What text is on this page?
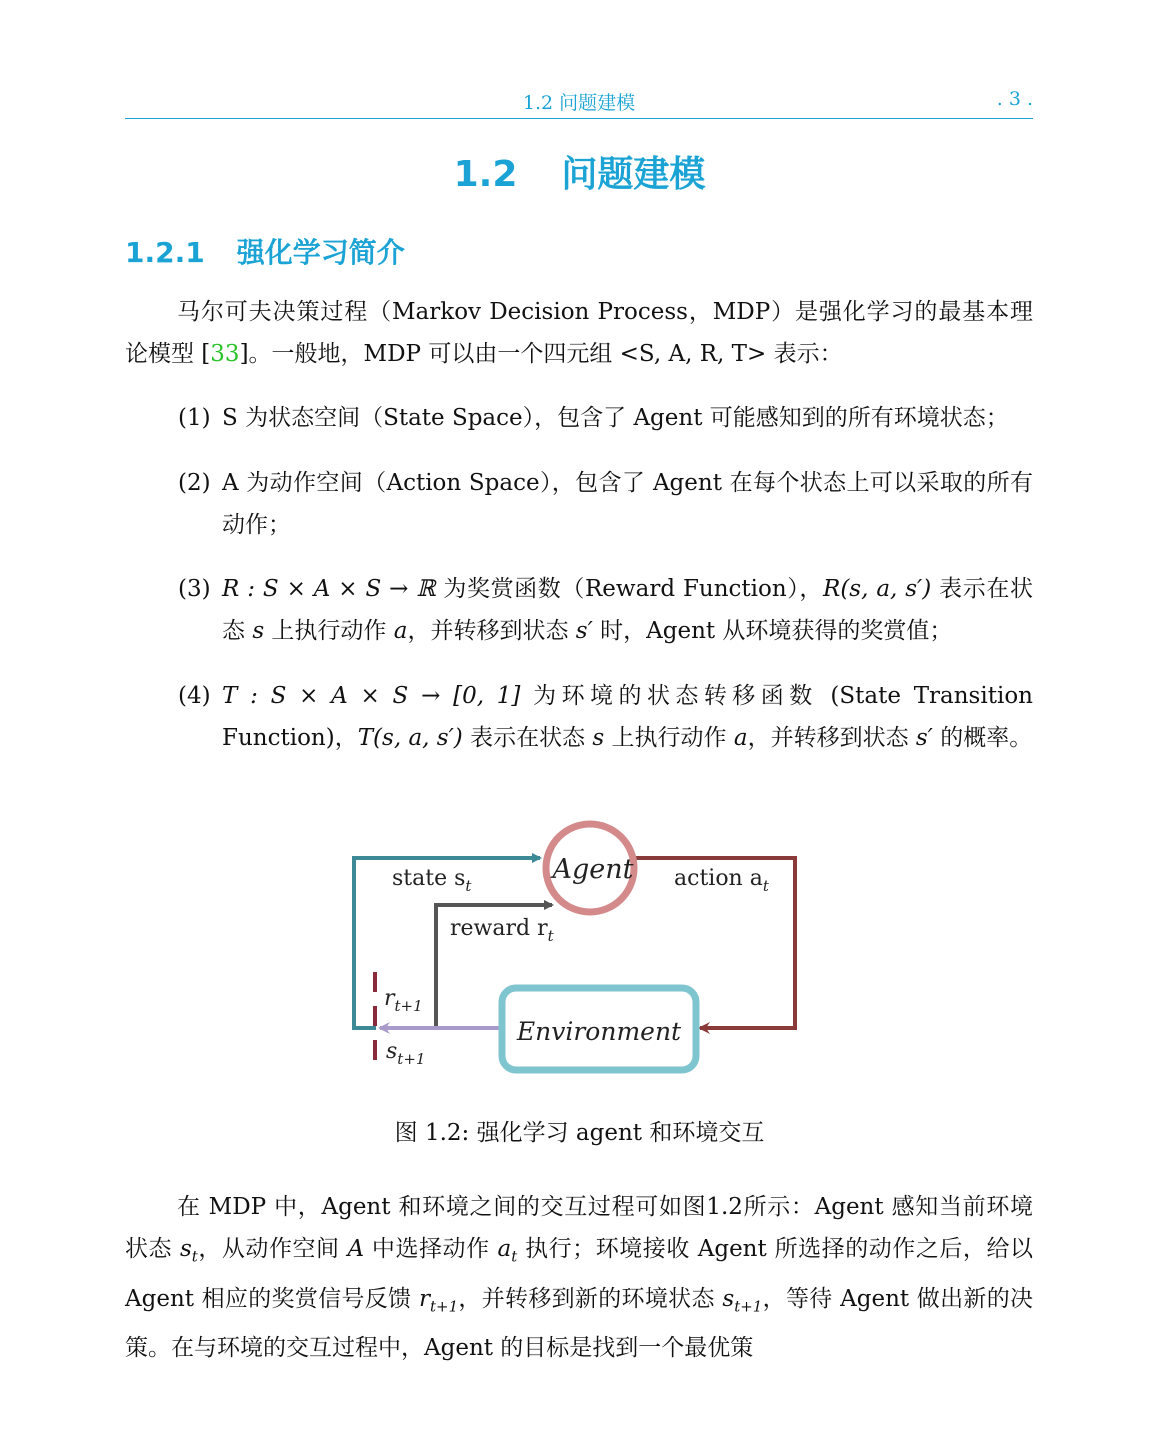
1.2 问题建模	. 3 .
1.2 问题建模
1.2.1 强化学习简介
马尔可夫决策过程（Markov Decision Process，MDP）是强化学习的最基本理论模型 [33]。一般地，MDP 可以由一个四元组 <S, A, R, T> 表示：
(1) S 为状态空间（State Space），包含了 Agent 可能感知到的所有环境状态；
(2) A 为动作空间（Action Space），包含了 Agent 在每个状态上可以采取的所有动作；
(3) R : S × A × S → ℝ 为奖赏函数（Reward Function），R(s, a, s′) 表示在状态 s 上执行动作 a，并转移到状态 s′ 时，Agent 从环境获得的奖赏值；
(4) T : S × A × S → [0, 1] 为环境的状态转移函数 (State Transition Function)，T(s, a, s′) 表示在状态 s 上执行动作 a，并转移到状态 s′ 的概率。
Agent
Environment
state $s_t$	action $a_t$
reward $r_t$
$r_{t+1}$
$s_{t+1}$
图 1.2: 强化学习 agent 和环境交互
在 MDP 中，Agent 和环境之间的交互过程可如图1.2所示：Agent 感知当前环境状态 $s_t$，从动作空间 A 中选择动作 $a_t$ 执行；环境接收 Agent 所选择的动作之后，给以 Agent 相应的奖赏信号反馈 $r_{t+1}$，并转移到新的环境状态 $s_{t+1}$，等待 Agent 做出新的决策。在与环境的交互过程中，Agent 的目标是找到一个最优策
